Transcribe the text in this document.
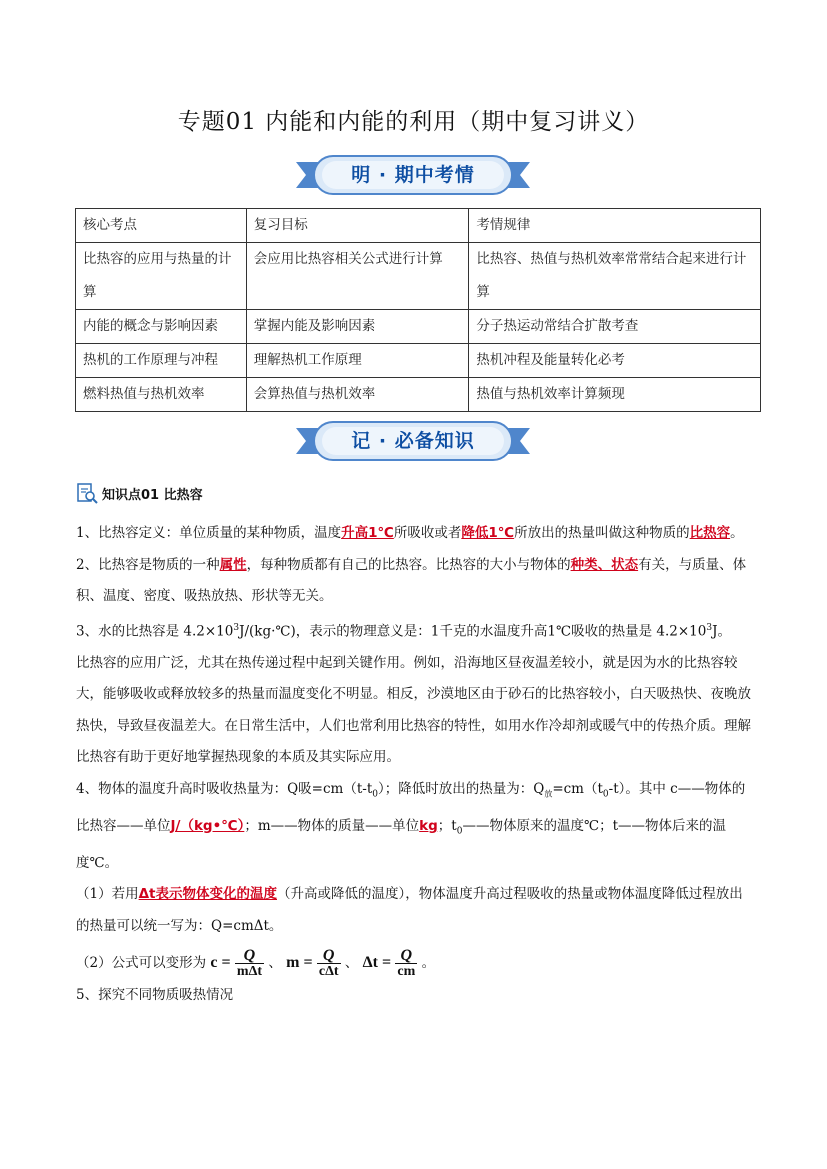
专题01 内能和内能的利用（期中复习讲义）
明 · 期中考情
核心考点	复习目标	考情规律
比热容的应用与热量的计算	会应用比热容相关公式进行计算	比热容、热值与热机效率常常结合起来进行计算
内能的概念与影响因素	掌握内能及影响因素	分子热运动常结合扩散考查
热机的工作原理与冲程	理解热机工作原理	热机冲程及能量转化必考
燃料热值与热机效率	会算热值与热机效率	热值与热机效率计算频现
记 · 必备知识
知识点01 比热容

1、比热容定义：单位质量的某种物质，温度升高1℃所吸收或者降低1℃所放出的热量叫做这种物质的比热容。

2、比热容是物质的一种属性，每种物质都有自己的比热容。比热容的大小与物体的种类、状态有关，与质量、体积、温度、密度、吸热放热、形状等无关。

3、水的比热容是 $4.2\times 10^3J/(kg\cdot℃)$，表示的物理意义是：1千克的水温度升高1℃吸收的热量是 $4.2\times 10^3J$。

比热容的应用广泛，尤其在热传递过程中起到关键作用。例如，沿海地区昼夜温差较小，就是因为水的比热容较大，能够吸收或释放较多的热量而温度变化不明显。相反，沙漠地区由于砂石的比热容较小，白天吸热快、夜晚放热快，导致昼夜温差大。在日常生活中，人们也常利用比热容的特性，如用水作冷却剂或暖气中的传热介质。理解比热容有助于更好地掌握热现象的本质及其实际应用。

4、物体的温度升高时吸收热量为：Q吸$=cm(t-t_0)$；降低时放出的热量为：$Q_放=cm(t_0-t)$。其中 c——物体的比热容——单位J/（kg•℃）；m——物体的质量——单位kg；$t_0——$物体原来的温度℃；t——物体后来的温度℃。

（1）若用Δt表示物体变化的温度（升高或降低的温度），物体温度升高过程吸收的热量或物体温度降低过程放出的热量可以统一写为：Q=cmΔt。

（2）公式可以变形为 $c = \frac{Q}{\text{mΔt}}$ 、 $m = \frac{Q}{\text{cΔt}}$ 、 $\Delta t = \frac{Q}{cm}$ 。

5、探究不同物质吸热情况
